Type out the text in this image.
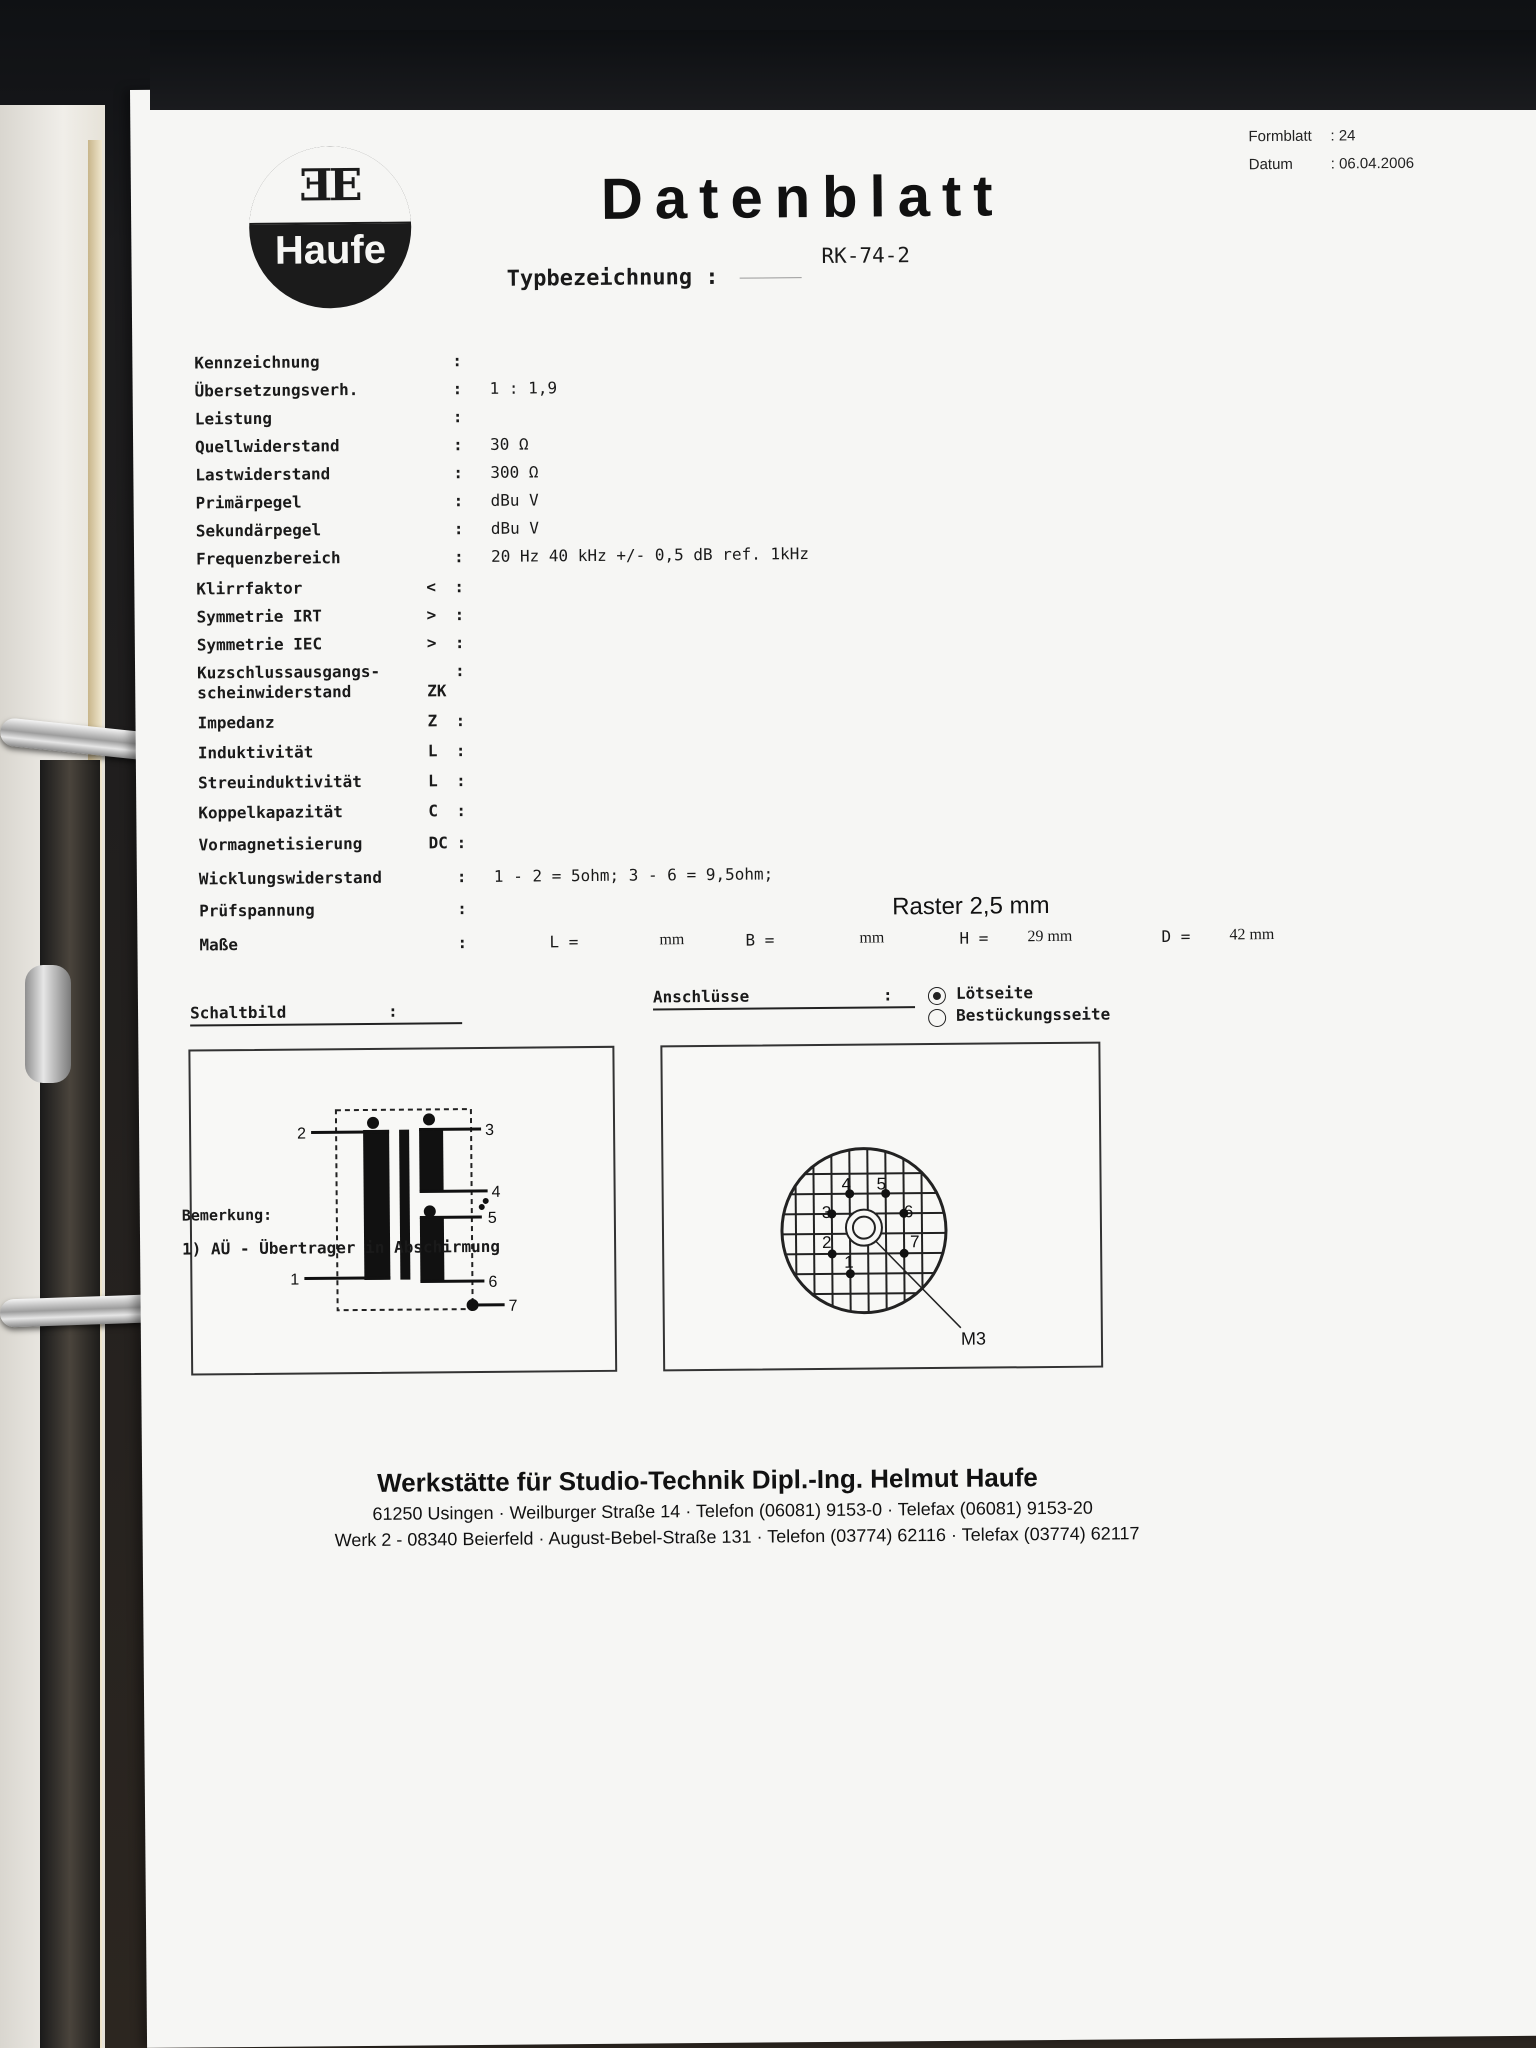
ƎE
Haufe
Datenblatt
Formblatt : 24
Datum	: 06.04.2006
Typbezeichnung :
RK-74-2
Kennzeichnung	:
Übersetzungsverh.	: 1 : 1,9
Leistung	:
Quellwiderstand	: 30 Ω
Lastwiderstand	: 300 Ω
Primärpegel	: dBu V
Sekundärpegel	: dBu V
Frequenzbereich	: 20 Hz 40 kHz +/- 0,5 dB ref. 1kHz
Klirrfaktor	< :
Symmetrie IRT	> :
Symmetrie IEC	> :
Kuzschlussausgangs-	:
scheinwiderstand	ZK
Impedanz	Z :
Induktivität	L :
Streuinduktivität	L :
Koppelkapazität	C :
Vormagnetisierung	DC :
Wicklungswiderstand	: 1 - 2 = 5ohm; 3 - 6 = 9,5ohm;
Prüfspannung	:
Maße	:	L =	mm	B =	mm	H = 29 mm	D = 42 mm
Schaltbild	:
Anschlüsse	:	Lötseite
Bestückungsseite
2
1
3
4
5
6
7
4 5
3	6
2	7
1
M3
Raster 2,5 mm
Bemerkung:
1) AÜ - Übertrager in Abschirmung
Werkstätte für Studio-Technik Dipl.-Ing. Helmut Haufe
61250 Usingen · Weilburger Straße 14 · Telefon (06081) 9153-0 · Telefax (06081) 9153-20
Werk 2 - 08340 Beierfeld · August-Bebel-Straße 131 · Telefon (03774) 62116 · Telefax (03774) 62117
